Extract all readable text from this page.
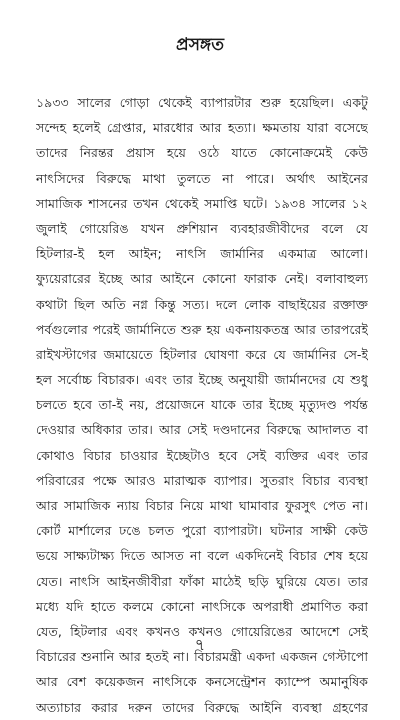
প্রসঙ্গত
১৯৩৩ সালের গোড়া থেকেই ব্যাপারটার শুরু হয়েছিল। একটু
সন্দেহ হলেই গ্রেপ্তার, মারধোর আর হত্যা। ক্ষমতায় যারা বসেছে
তাদের নিরন্তর প্রয়াস হয়ে ওঠে যাতে কোনোক্রমেই কেউ
নাৎসিদের বিরুদ্ধে মাথা তুলতে না পারে। অর্থাৎ আইনের
সামাজিক শাসনের তখন থেকেই সমাপ্তি ঘটে। ১৯৩৪ সালের ১২
জুলাই গোয়েরিঙ যখন প্রুশিয়ান ব্যবহারজীবীদের বলে যে
হিটলার-ই হল আইন; নাৎসি জার্মানির একমাত্র আলো।
ফ্যুয়েরারের ইচ্ছে আর আইনে কোনো ফারাক নেই। বলাবাহুল্য
কথাটা ছিল অতি নগ্ন কিন্তু সত্য। দলে লোক বাছাইয়ের রক্তাক্ত
পর্বগুলোর পরেই জার্মানিতে শুরু হয় একনায়কতন্ত্র আর তারপরেই
রাইখস্টাগের জমায়েতে হিটলার ঘোষণা করে যে জার্মানির সে-ই
হল সর্বোচ্চ বিচারক। এবং তার ইচ্ছে অনুযায়ী জার্মানদের যে শুধু
চলতে হবে তা-ই নয়, প্রয়োজনে যাকে তার ইচ্ছে মৃত্যুদণ্ড পর্যন্ত
দেওয়ার অধিকার তার। আর সেই দণ্ডদানের বিরুদ্ধে আদালত বা
কোথাও বিচার চাওয়ার ইচ্ছেটাও হবে সেই ব্যক্তির এবং তার
পরিবারের পক্ষে আরও মারাত্মক ব্যাপার। সুতরাং বিচার ব্যবস্থা
আর সামাজিক ন্যায় বিচার নিয়ে মাথা ঘামাবার ফুরসুৎ পেত না।
কোর্ট মার্শালের ঢঙে চলত পুরো ব্যাপারটা। ঘটনার সাক্ষী কেউ
ভয়ে সাক্ষ্যটাক্ষ্য দিতে আসত না বলে একদিনেই বিচার শেষ হয়ে
যেত। নাৎসি আইনজীবীরা ফাঁকা মাঠেই ছড়ি ঘুরিয়ে যেত। তার
মধ্যে যদি হাতে কলমে কোনো নাৎসিকে অপরাধী প্রমাণিত করা
যেত, হিটলার এবং কখনও কখনও গোয়েরিঙের আদেশে সেই
বিচারের শুনানি আর হতই না। বিচারমন্ত্রী একদা একজন গেস্টাপো
আর বেশ কয়েকজন নাৎসিকে কনসেন্ট্রেশন ক্যাম্পে অমানুষিক
অত্যাচার করার দরুন তাদের বিরুদ্ধে আইনি ব্যবস্থা গ্রহণের
৭
